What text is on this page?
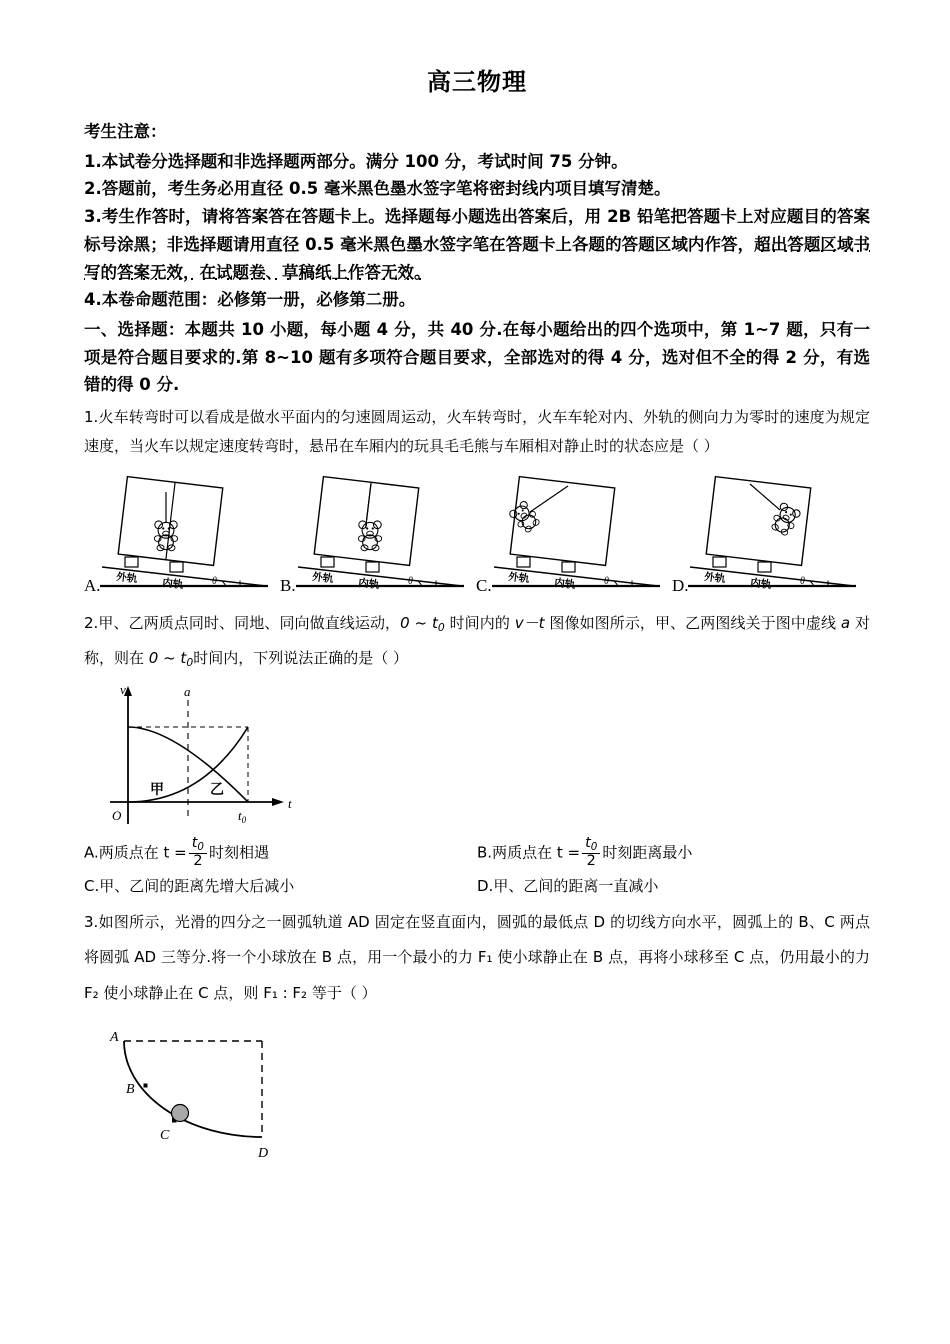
高三物理
考生注意：
1.本试卷分选择题和非选择题两部分。满分 100 分，考试时间 75 分钟。
2.答题前，考生务必用直径 0.5 毫米黑色墨水签字笔将密封线内项目填写清楚。
3.考生作答时，请将答案答在答题卡上。选择题每小题选出答案后，用 2B 铅笔把答题卡上对应题目的答案标号涂黑；非选择题请用直径 0.5 毫米黑色墨水签字笔在答题卡上各题的答题区域内作答，超出答题区域书写的答案无效，在试题卷、草稿纸上作答无效。
4.本卷命题范围：必修第一册，必修第二册。
一、选择题：本题共 10 小题，每小题 4 分，共 40 分.在每小题给出的四个选项中，第 1~7 题，只有一项是符合题目要求的.第 8~10 题有多项符合题目要求，全部选对的得 4 分，选对但不全的得 2 分，有选错的得 0 分.
1.火车转弯时可以看成是做水平面内的匀速圆周运动，火车转弯时，火车车轮对内、外轨的侧向力为零时的速度为规定速度，当火车以规定速度转弯时，悬吊在车厢内的玩具毛毛熊与车厢相对静止时的状态应是（ ）
A.	θ
外轨 内轨	B.	θ
外轨 内轨	C.	θ
外轨 内轨	D.	θ
外轨 内轨
2.甲、乙两质点同时、同地、同向做直线运动，0 ~ $t_0$ 时间内的 v－t 图像如图所示，甲、乙两图线关于图中虚线 a 对称，则在 0 ~ $t_0$时间内，下列说法正确的是（ ）
v
t
O
a
甲	乙
$t_0$
A.两质点在 $t = \frac{t_0}{2}$ 时刻相遇	B.两质点在 $t = \frac{t_0}{2}$ 时刻距离最小
C.甲、乙间的距离先增大后减小	D.甲、乙间的距离一直减小
3.如图所示，光滑的四分之一圆弧轨道 AD 固定在竖直面内，圆弧的最低点 D 的切线方向水平，圆弧上的 B、C 两点将圆弧 AD 三等分.将一个小球放在 B 点，用一个最小的力 F₁ 使小球静止在 B 点，再将小球移至 C 点，仍用最小的力 F₂ 使小球静止在 C 点，则 F₁ : F₂ 等于（ ）
A
B
C
D
